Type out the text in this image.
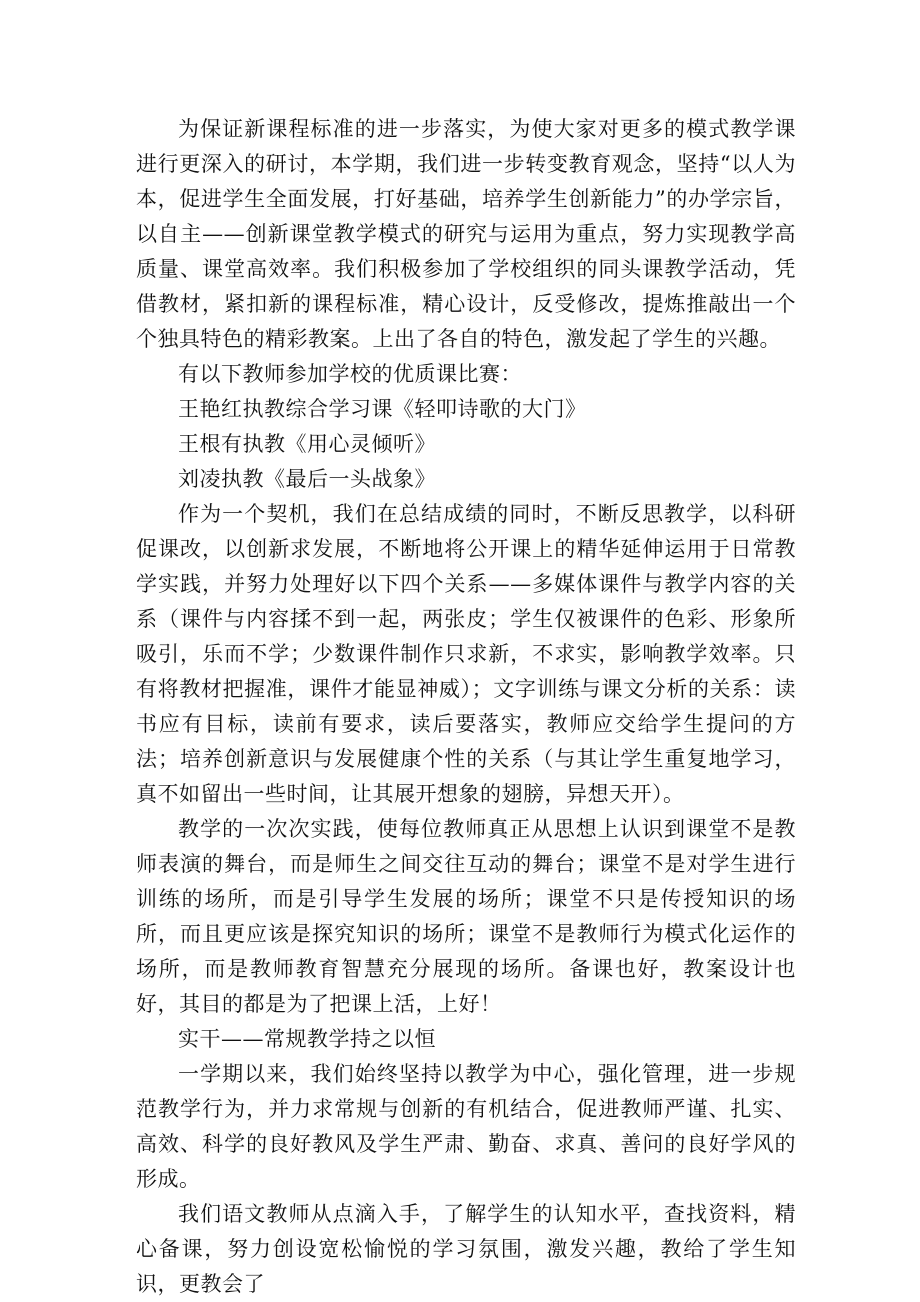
为保证新课程标准的进一步落实，为使大家对更多的模式教学课进行更深入的研讨，本学期，我们进一步转变教育观念，坚持“以人为本，促进学生全面发展，打好基础，培养学生创新能力”的办学宗旨，以自主——创新课堂教学模式的研究与运用为重点，努力实现教学高质量、课堂高效率。我们积极参加了学校组织的同头课教学活动，凭借教材，紧扣新的课程标准，精心设计，反受修改，提炼推敲出一个个独具特色的精彩教案。上出了各自的特色，激发起了学生的兴趣。

有以下教师参加学校的优质课比赛：

王艳红执教综合学习课《轻叩诗歌的大门》

王根有执教《用心灵倾听》

刘凌执教《最后一头战象》

作为一个契机，我们在总结成绩的同时，不断反思教学，以科研促课改，以创新求发展，不断地将公开课上的精华延伸运用于日常教学实践，并努力处理好以下四个关系——多媒体课件与教学内容的关系（课件与内容揉不到一起，两张皮；学生仅被课件的色彩、形象所吸引，乐而不学；少数课件制作只求新，不求实，影响教学效率。只有将教材把握准，课件才能显神威）；文字训练与课文分析的关系：读书应有目标，读前有要求，读后要落实，教师应交给学生提问的方法；培养创新意识与发展健康个性的关系（与其让学生重复地学习，真不如留出一些时间，让其展开想象的翅膀，异想天开）。

教学的一次次实践，使每位教师真正从思想上认识到课堂不是教师表演的舞台，而是师生之间交往互动的舞台；课堂不是对学生进行训练的场所，而是引导学生发展的场所；课堂不只是传授知识的场所，而且更应该是探究知识的场所；课堂不是教师行为模式化运作的场所，而是教师教育智慧充分展现的场所。备课也好，教案设计也好，其目的都是为了把课上活，上好！

实干——常规教学持之以恒

一学期以来，我们始终坚持以教学为中心，强化管理，进一步规范教学行为，并力求常规与创新的有机结合，促进教师严谨、扎实、高效、科学的良好教风及学生严肃、勤奋、求真、善问的良好学风的形成。

我们语文教师从点滴入手，了解学生的认知水平，查找资料，精心备课，努力创设宽松愉悦的学习氛围，激发兴趣，教给了学生知识，更教会了
